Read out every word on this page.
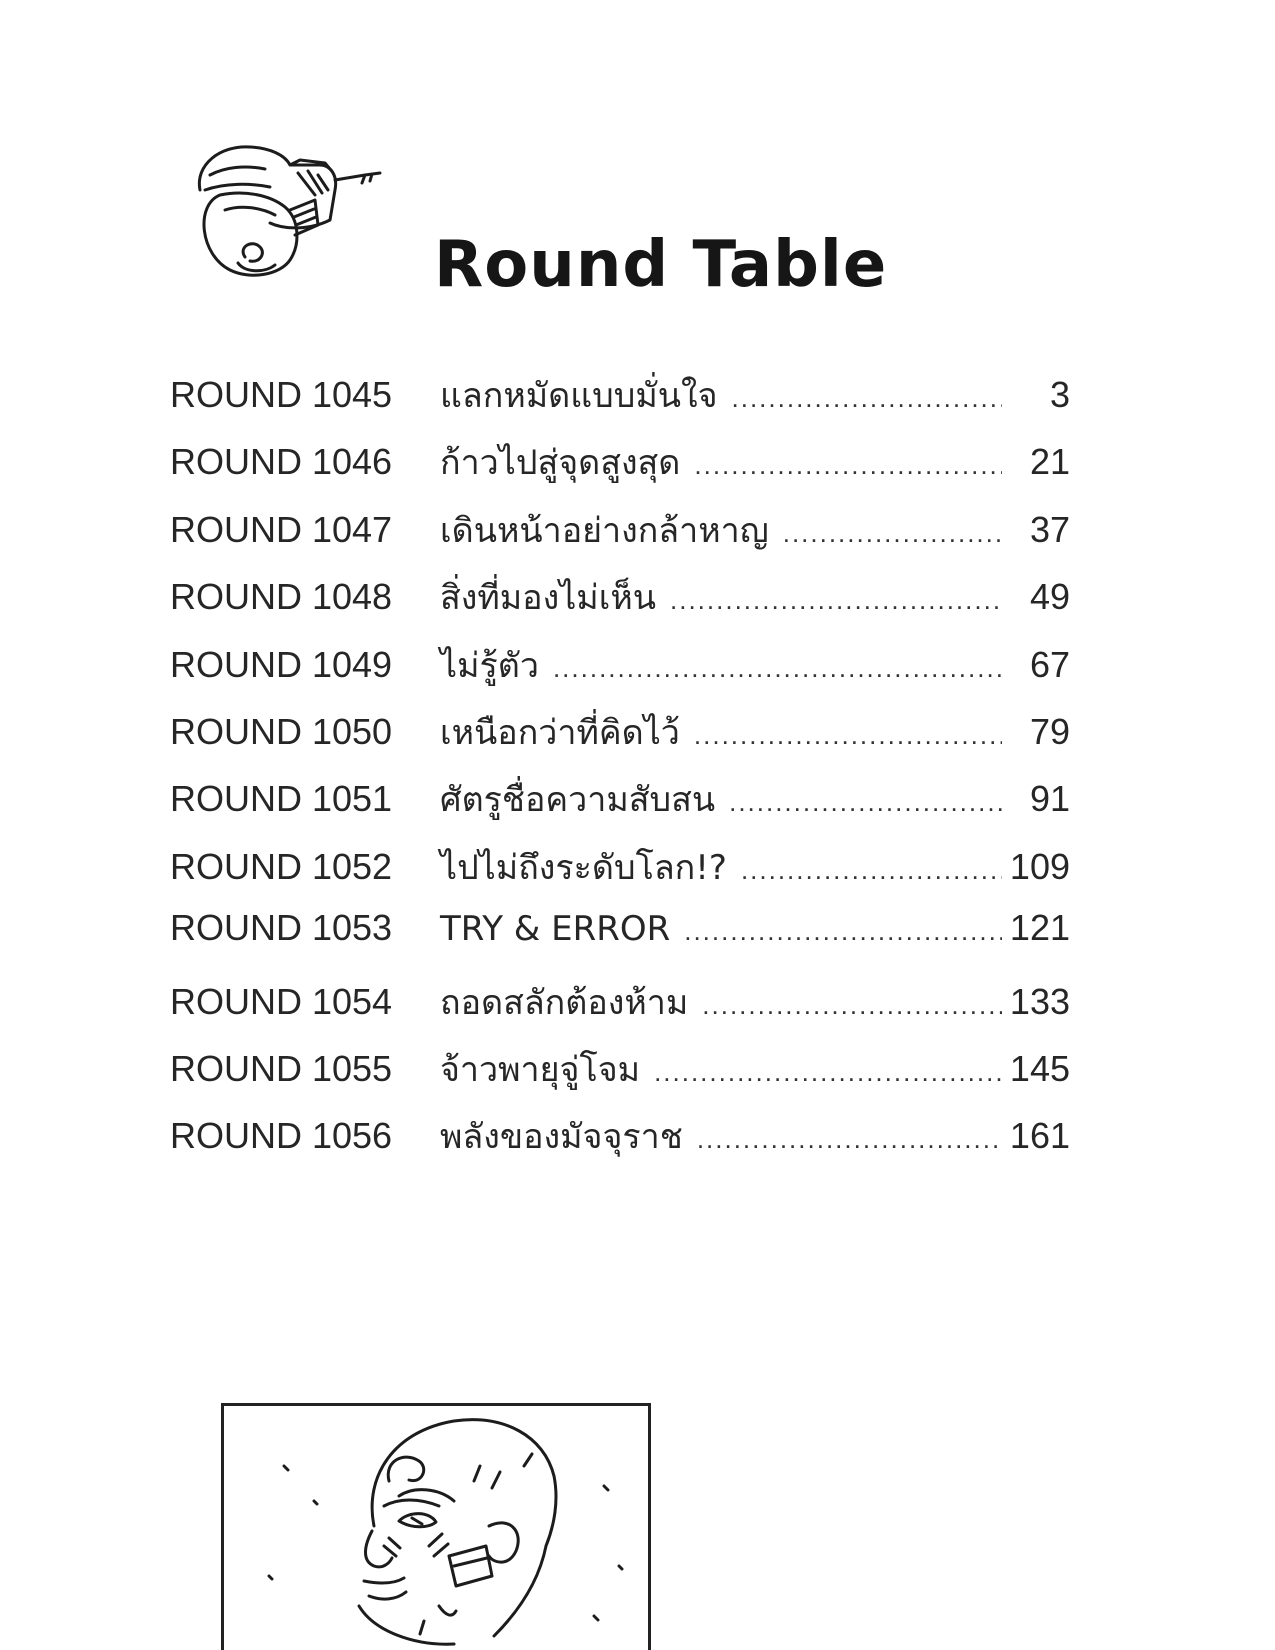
Round Table
ROUND 1045	แลกหมัดแบบมั่นใจ .....	3
ROUND 1046	ก้าวไปสู่จุดสูงสุด .....	21
ROUND 1047	เดินหน้าอย่างกล้าหาญ .....	37
ROUND 1048	สิ่งที่มองไม่เห็น .....	49
ROUND 1049	ไม่รู้ตัว .....	67
ROUND 1050	เหนือกว่าที่คิดไว้ .....	79
ROUND 1051	ศัตรูชื่อความสับสน .....	91
ROUND 1052	ไปไม่ถึงระดับโลก!? .....	109
ROUND 1053	TRY & ERROR .....	121
ROUND 1054	ถอดสลักต้องห้าม .....	133
ROUND 1055	จ้าวพายุจู่โจม .....	145
ROUND 1056	พลังของมัจจุราช .....	161
